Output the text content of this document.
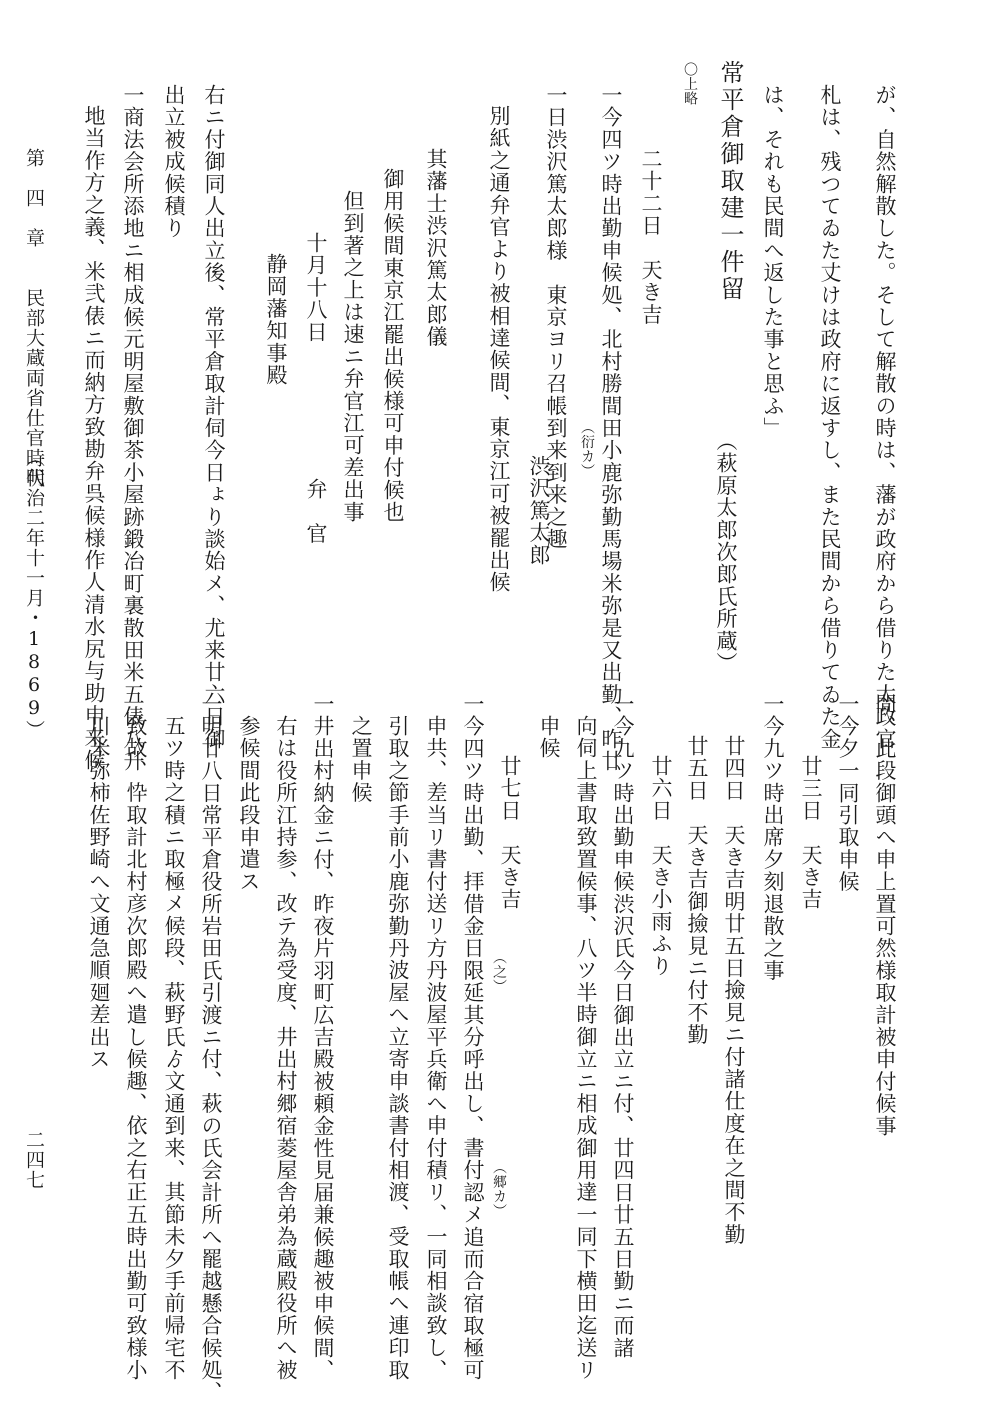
が、自然解散した。そして解散の時は、藩が政府から借りた太政官
札は、残つてゐた丈けは政府に返すし、また民間から借りてゐた金
は、それも民間へ返した事と思ふ」
常平倉御取建一件留
（萩原太郎次郎氏所蔵）
〇上略
二十二日　天き吉
一今四ツ時出勤申候処、北村勝間田小鹿弥勤馬場米弥是又出勤、昨廿
（衍カ）
一日渋沢篤太郎様　東京ヨリ召帳到来到来之趣
渋沢篤太郎
別紙之通弁官より被相達候間、東京江可被罷出候
其藩士渋沢篤太郎儀
御用候間東京江罷出候様可申付候也
但到著之上は速ニ弁官江可差出事
十月十八日
弁　官
静岡藩知事殿
右ニ付御同人出立後、常平倉取計伺今日ょり談始メ、尤来廿六日御
出立被成候積り
一商法会所添地ニ相成候元明屋敷御茶小屋跡鍛冶町裏散田米五俵八升
地当作方之義、米弐俵ニ而納方致勘弁呉候様作人清水尻与助申来候
間、此段御頭へ申上置可然様取計被申付候事
一今夕一同引取申候
廿三日　天き吉
一今九ツ時出席夕刻退散之事
廿四日　天き吉明廿五日撿見ニ付諸仕度在之間不勤
廿五日　天き吉御撿見ニ付不勤
廿六日　天き小雨ふり
一今九ツ時出勤申候渋沢氏今日御出立ニ付、廿四日廿五日勤ニ而諸
向伺上書取致置候事、八ツ半時御立ニ相成御用達一同下横田迄送リ
申候
廿七日　天き吉
一今四ツ時出勤、拝借金日限延其分呼出し、書付認メ追而合宿取極可 （之）
（郷カ）
申共、差当リ書付送リ方丹波屋平兵衛へ申付積リ、一同相談致し、
引取之節手前小鹿弥勤丹波屋へ立寄申談書付相渡、受取帳へ連印取
之置申候
一井出村納金ニ付、昨夜片羽町広吉殿被頼金性見届兼候趣被申候間、
右は役所江持参、改テ為受度、井出村郷宿菱屋舎弟為蔵殿役所へ被
参候間此段申遣ス
一明廿八日常平倉役所岩田氏引渡ニ付、萩の氏会計所へ罷越懸合候処、
五ツ時之積ニ取極メ候段、萩野氏ゟ文通到来、其節未夕手前帰宅不
致故、忰取計北村彦次郎殿へ遣し候趣、依之右正五時出勤可致様小
川米弥柿佐野崎へ文通急順廻差出ス
第　四　章　　民部大蔵両省仕官時代
（明治二年十一月・1869）
二四七
